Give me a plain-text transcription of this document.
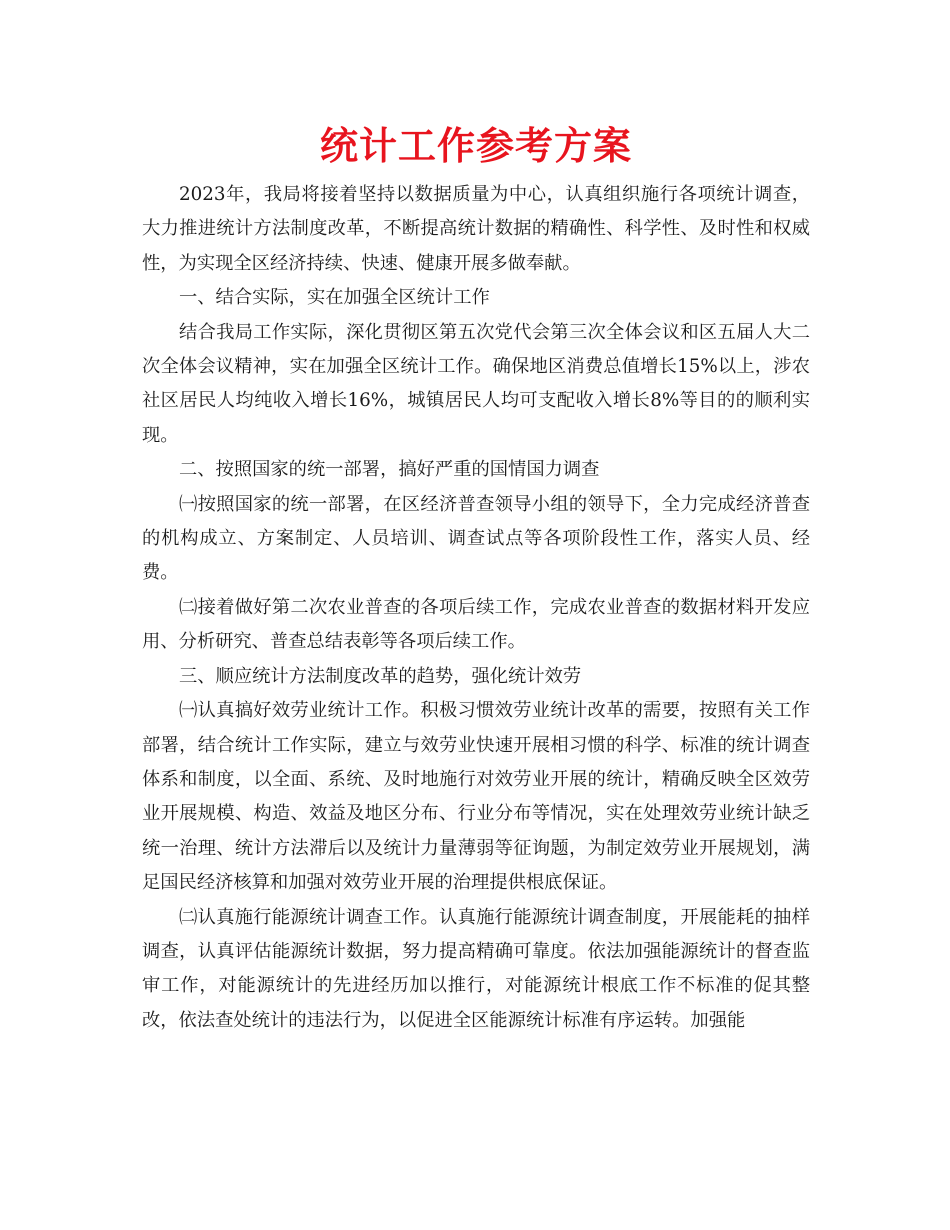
统计工作参考方案

2023年，我局将接着坚持以数据质量为中心，认真组织施行各项统计调查，大力推进统计方法制度改革，不断提高统计数据的精确性、科学性、及时性和权威性，为实现全区经济持续、快速、健康开展多做奉献。

一、结合实际，实在加强全区统计工作

结合我局工作实际，深化贯彻区第五次党代会第三次全体会议和区五届人大二次全体会议精神，实在加强全区统计工作。确保地区消费总值增长15%以上，涉农社区居民人均纯收入增长16%，城镇居民人均可支配收入增长8%等目的的顺利实现。

二、按照国家的统一部署，搞好严重的国情国力调查

㈠按照国家的统一部署，在区经济普查领导小组的领导下，全力完成经济普查的机构成立、方案制定、人员培训、调查试点等各项阶段性工作，落实人员、经费。

㈡接着做好第二次农业普查的各项后续工作，完成农业普查的数据材料开发应用、分析研究、普查总结表彰等各项后续工作。

三、顺应统计方法制度改革的趋势，强化统计效劳

㈠认真搞好效劳业统计工作。积极习惯效劳业统计改革的需要，按照有关工作部署，结合统计工作实际，建立与效劳业快速开展相习惯的科学、标准的统计调查体系和制度，以全面、系统、及时地施行对效劳业开展的统计，精确反映全区效劳业开展规模、构造、效益及地区分布、行业分布等情况，实在处理效劳业统计缺乏统一治理、统计方法滞后以及统计力量薄弱等征询题，为制定效劳业开展规划，满足国民经济核算和加强对效劳业开展的治理提供根底保证。

㈡认真施行能源统计调查工作。认真施行能源统计调查制度，开展能耗的抽样调查，认真评估能源统计数据，努力提高精确可靠度。依法加强能源统计的督查监审工作，对能源统计的先进经历加以推行，对能源统计根底工作不标准的促其整改，依法查处统计的违法行为，以促进全区能源统计标准有序运转。加强能
